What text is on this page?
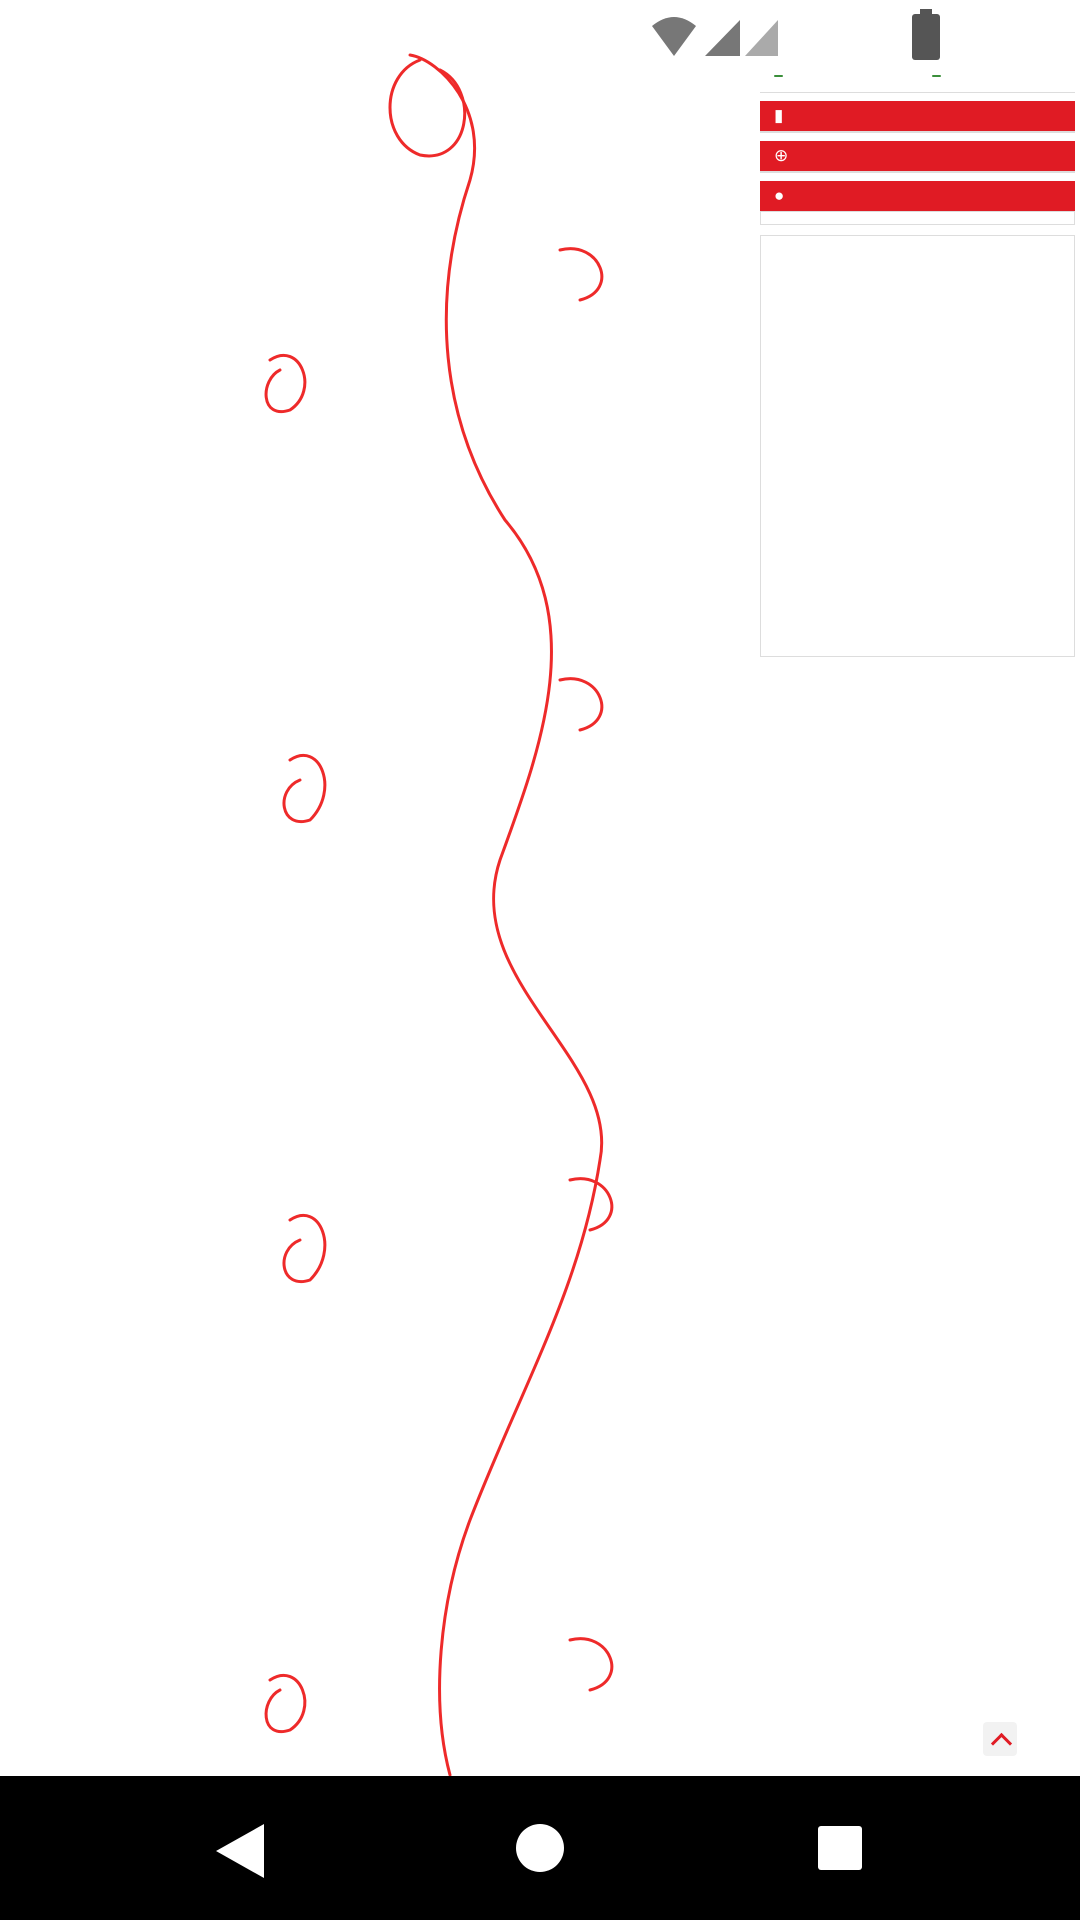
▮
⊕
●
